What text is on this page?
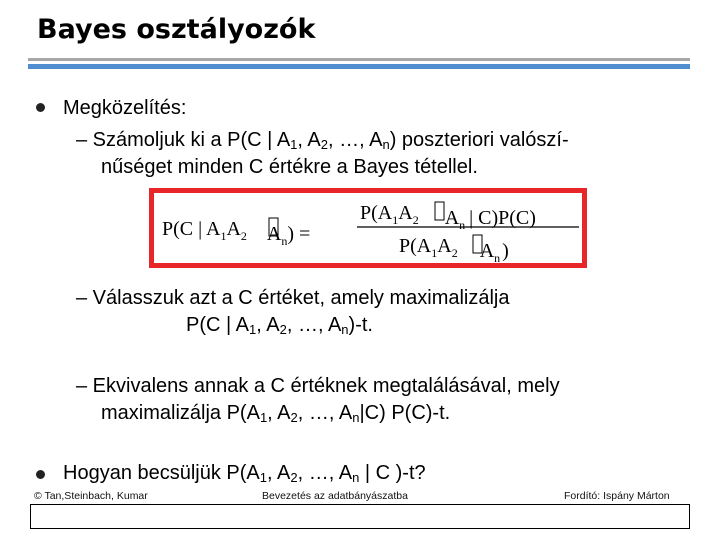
Bayes osztályozók
Megközelítés:
– Számoljuk ki a P(C | $A_1$, $A_2$, …, $A_n$) poszteriori valószí-
nűséget minden C értékre a Bayes tétellel.
P(C | $A_1A_2$ $A_n$) =
$P(A_1A_2$ $A_n$ | C)P(C)
$P(A_1A_2$ $A_n$ )
– Válasszuk azt a C értéket, amely maximalizálja
P(C | $A_1$, $A_2$, …, $A_n)-t$.
– Ekvivalens annak a C értéknek megtalálásával, mely
maximalizálja $P(A_1$, $A_2$, …, $A_n|C$) P(C)-t.
Hogyan becsüljük $P(A_1$, $A_2$, …, $A_n$ | C )-t?
© Tan,Steinbach, Kumar	Bevezetés az adatbányászatba	Fordító: Ispány Márton
